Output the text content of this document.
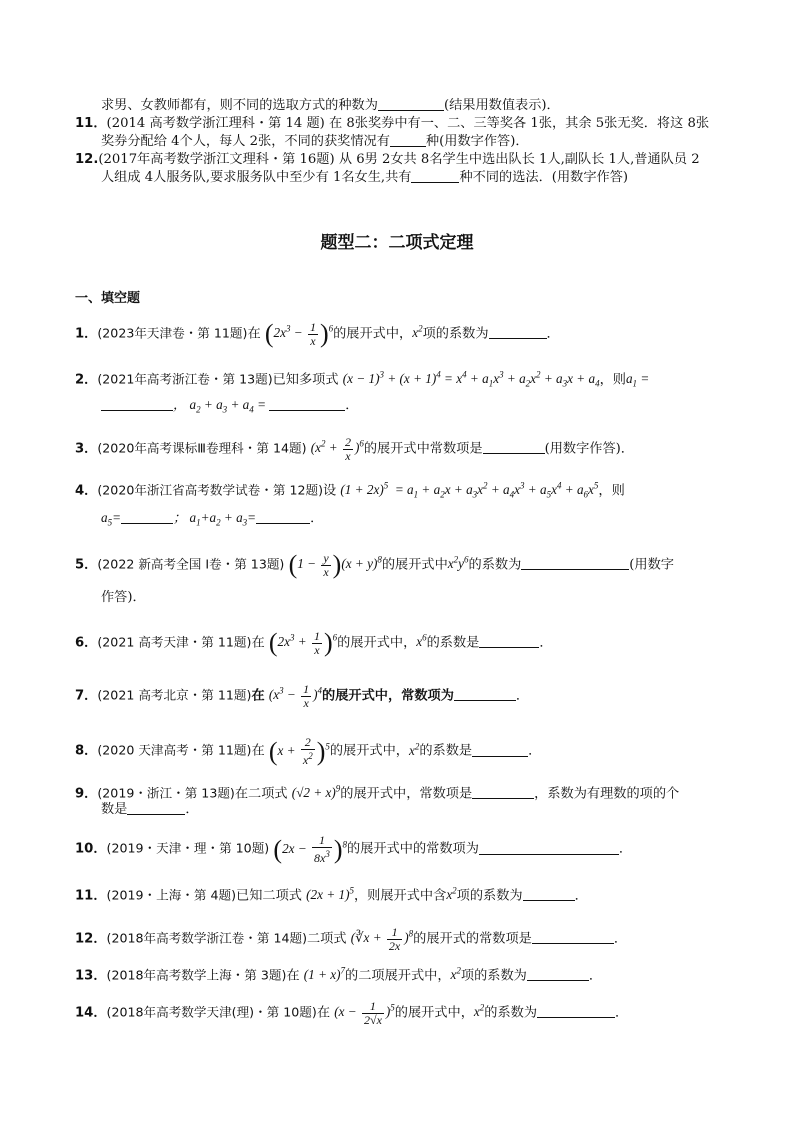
求男、女教师都有，则不同的选取方式的种数为	(结果用数值表示)．
11．(2014 高考数学浙江理科・第 14 题) 在 8张奖券中有一、二、三等奖各 1张，其余 5张无奖．将这 8张
奖券分配给 4个人，每人 2张，不同的获奖情况有	种(用数字作答)．
12.(2017年高考数学浙江文理科・第 16题) 从 6男 2女共 8名学生中选出队长 1人,副队长 1人,普通队员 2
人组成 4人服务队,要求服务队中至少有 1名女生,共有	种不同的选法．(用数字作答)
题型二：二项式定理
一、填空题
1．(2023年天津卷・第 11题)在 $(2x^3 - \frac{1}{x} )^6$的展开式中，$x^2$项的系数为	．
2．(2021年高考浙江卷・第 13题)已知多项式 $(x - 1)^3 + (x + 1)^4 = x^4 + a_1x^3 + a_2x^2 + a_3x + a_4$，则$a_1$ =
， $a_2 + a_3 + a_4$ =	．
3．(2020年高考课标Ⅲ卷理科・第 14题) $(x^2 + \frac{2}{x} )^6$的展开式中常数项是	(用数字作答)．
4．(2020年浙江省高考数学试卷・第 12题)设 $(1 + 2x)^5 = a_1 + a_2x + a_3x^2 + a_4x^3 + a_5x^4 + a_6x^5$，则
$a_5=$	； $a_1+a_2 + a_3=$	．
5．(2022 新高考全国 I卷・第 13题) $(1 - \frac{y}{x} )(x + y)^8$的展开式中$x^2y^6$的系数为	(用数字
作答)．
6．(2021 高考天津・第 11题)在 $(2x^3 + \frac{1}{x} )^6$的展开式中，$x^6$的系数是	．
7．(2021 高考北京・第 11题)在 $(x^3 - \frac{1}{x} )^4$的展开式中，常数项为	．
8．(2020 天津高考・第 11题)在 $(x + \frac{2}{x^2} )^5$的展开式中，$x^2$的系数是	．
9．(2019・浙江・第 13题)在二项式 $(√2 + x)^9$的展开式中，常数项是	，系数为有理数的项的个
数是	．
10．(2019・天津・理・第 10题) $(2x - \frac{1}{8x^3} )^8$的展开式中的常数项为	．
11．(2019・上海・第 4题)已知二项式 $(2x + 1)^5$，则展开式中含$x^2$项的系数为	．
12．(2018年高考数学浙江卷・第 14题)二项式 (∛x + $\frac{1}{2x} )^8$的展开式的常数项是	．
13．(2018年高考数学上海・第 3题)在 $(1 + x)^7$的二项展开式中，$x^2$项的系数为	．
14．(2018年高考数学天津(理)・第 10题)在 $(x - \frac{1}{2√x} )^5$的展开式中，$x^2$的系数为	．
